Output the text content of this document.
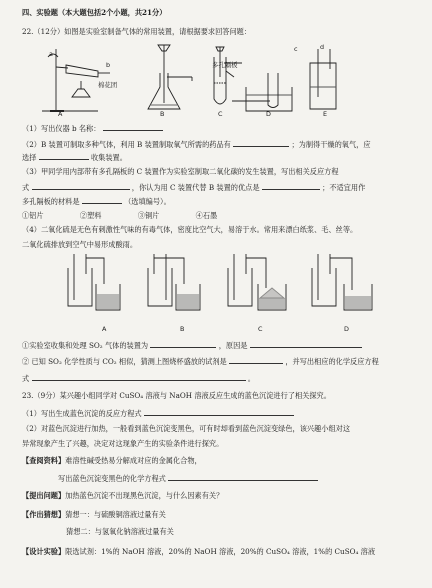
四、实验题（本大题包括2个小题，共21分）
22.（12分）如图是实验室制备气体的常用装置，请根据要求回答问题：
a
b
棉花团
多孔隔板
c	d
A	B	C	D	E
（1）写出仪器 b 名称：
（2）B 装置可制取多种气体，利用 B 装置制取氧气所需的药品有	；为制得干燥的氧气，应
选择	收集装置。
（3）甲同学用内部带有多孔隔板的 C 装置作为实验室制取二氧化碳的发生装置，写出相关反应方程
式	，你认为用 C 装置代替 B 装置的优点是	；不适宜用作
多孔隔板的材料是	（选填编号）。
①铝片	②塑料	③铜片	④石墨
（4）二氧化硫是无色有刺激性气味的有毒气体，密度比空气大，易溶于水。常用来漂白纸浆、毛、丝等。
二氧化硫排放到空气中易形成酸雨。
A	B	C	D
①实验室收集和处理 SO₂ 气体的装置为	，原因是
② 已知 SO₂ 化学性质与 CO₂ 相似，猜测上图烧杯盛放的试剂是	，并写出相应的化学反应方程
式	。
23.（9分）某兴趣小组同学对 CuSO₄ 溶液与 NaOH 溶液反应生成的蓝色沉淀进行了相关探究。
（1）写出生成蓝色沉淀的反应方程式
（2）对蓝色沉淀进行加热，一般看到蓝色沉淀变黑色，可有时却看到蓝色沉淀变绿色，该兴趣小组对这
异常现象产生了兴趣，决定对这现象产生的实验条件进行探究。
【查阅资料】难溶性碱受热易分解成对应的金属化合物，
写出蓝色沉淀变黑色的化学方程式
【提出问题】加热蓝色沉淀不出现黑色沉淀，与什么因素有关？
【作出猜想】猜想一：与硫酸铜溶液过量有关
猜想二：与氢氧化钠溶液过量有关
【设计实验】限选试剂：1%的 NaOH 溶液，20%的 NaOH 溶液，20%的 CuSO₄ 溶液，1%的 CuSO₄ 溶液
